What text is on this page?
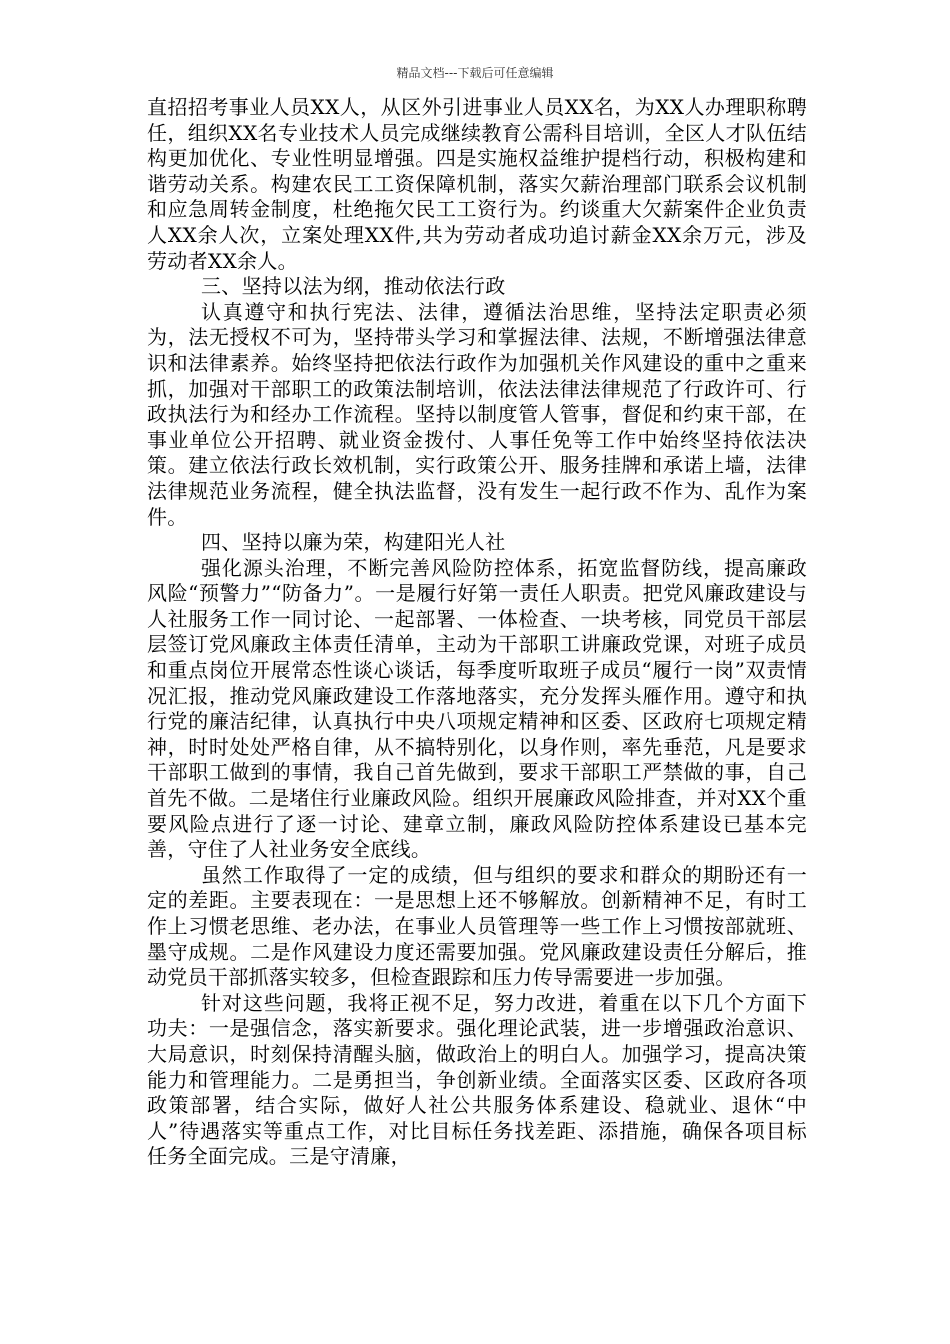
精品文档---下载后可任意编辑

直招招考事业人员XX人，从区外引进事业人员XX名，为XX人办理职称聘任，组织XX名专业技术人员完成继续教育公需科目培训，全区人才队伍结构更加优化、专业性明显增强。四是实施权益维护提档行动，积极构建和谐劳动关系。构建农民工工资保障机制，落实欠薪治理部门联系会议机制和应急周转金制度，杜绝拖欠民工工资行为。约谈重大欠薪案件企业负责人XX余人次，立案处理XX件,共为劳动者成功追讨薪金XX余万元，涉及劳动者XX余人。

三、坚持以法为纲，推动依法行政

认真遵守和执行宪法、法律，遵循法治思维，坚持法定职责必须为，法无授权不可为，坚持带头学习和掌握法律、法规，不断增强法律意识和法律素养。始终坚持把依法行政作为加强机关作风建设的重中之重来抓，加强对干部职工的政策法制培训，依法法律法律规范了行政许可、行政执法行为和经办工作流程。坚持以制度管人管事，督促和约束干部，在事业单位公开招聘、就业资金拨付、人事任免等工作中始终坚持依法决策。建立依法行政长效机制，实行政策公开、服务挂牌和承诺上墙，法律法律规范业务流程，健全执法监督，没有发生一起行政不作为、乱作为案件。

四、坚持以廉为荣，构建阳光人社

强化源头治理，不断完善风险防控体系，拓宽监督防线，提高廉政风险“预警力”“防备力”。一是履行好第一责任人职责。把党风廉政建设与人社服务工作一同讨论、一起部署、一体检查、一块考核，同党员干部层层签订党风廉政主体责任清单，主动为干部职工讲廉政党课，对班子成员和重点岗位开展常态性谈心谈话，每季度听取班子成员“履行一岗”双责情况汇报，推动党风廉政建设工作落地落实，充分发挥头雁作用。遵守和执行党的廉洁纪律，认真执行中央八项规定精神和区委、区政府七项规定精神，时时处处严格自律，从不搞特别化，以身作则，率先垂范，凡是要求干部职工做到的事情，我自己首先做到，要求干部职工严禁做的事，自己首先不做。二是堵住行业廉政风险。组织开展廉政风险排查，并对XX个重要风险点进行了逐一讨论、建章立制，廉政风险防控体系建设已基本完善，守住了人社业务安全底线。

虽然工作取得了一定的成绩，但与组织的要求和群众的期盼还有一定的差距。主要表现在：一是思想上还不够解放。创新精神不足，有时工作上习惯老思维、老办法，在事业人员管理等一些工作上习惯按部就班、墨守成规。二是作风建设力度还需要加强。党风廉政建设责任分解后，推动党员干部抓落实较多，但检查跟踪和压力传导需要进一步加强。

针对这些问题，我将正视不足，努力改进，着重在以下几个方面下功夫：一是强信念，落实新要求。强化理论武装，进一步增强政治意识、大局意识，时刻保持清醒头脑，做政治上的明白人。加强学习，提高决策能力和管理能力。二是勇担当，争创新业绩。全面落实区委、区政府各项政策部署，结合实际，做好人社公共服务体系建设、稳就业、退休“中人”待遇落实等重点工作，对比目标任务找差距、添措施，确保各项目标任务全面完成。三是守清廉，
